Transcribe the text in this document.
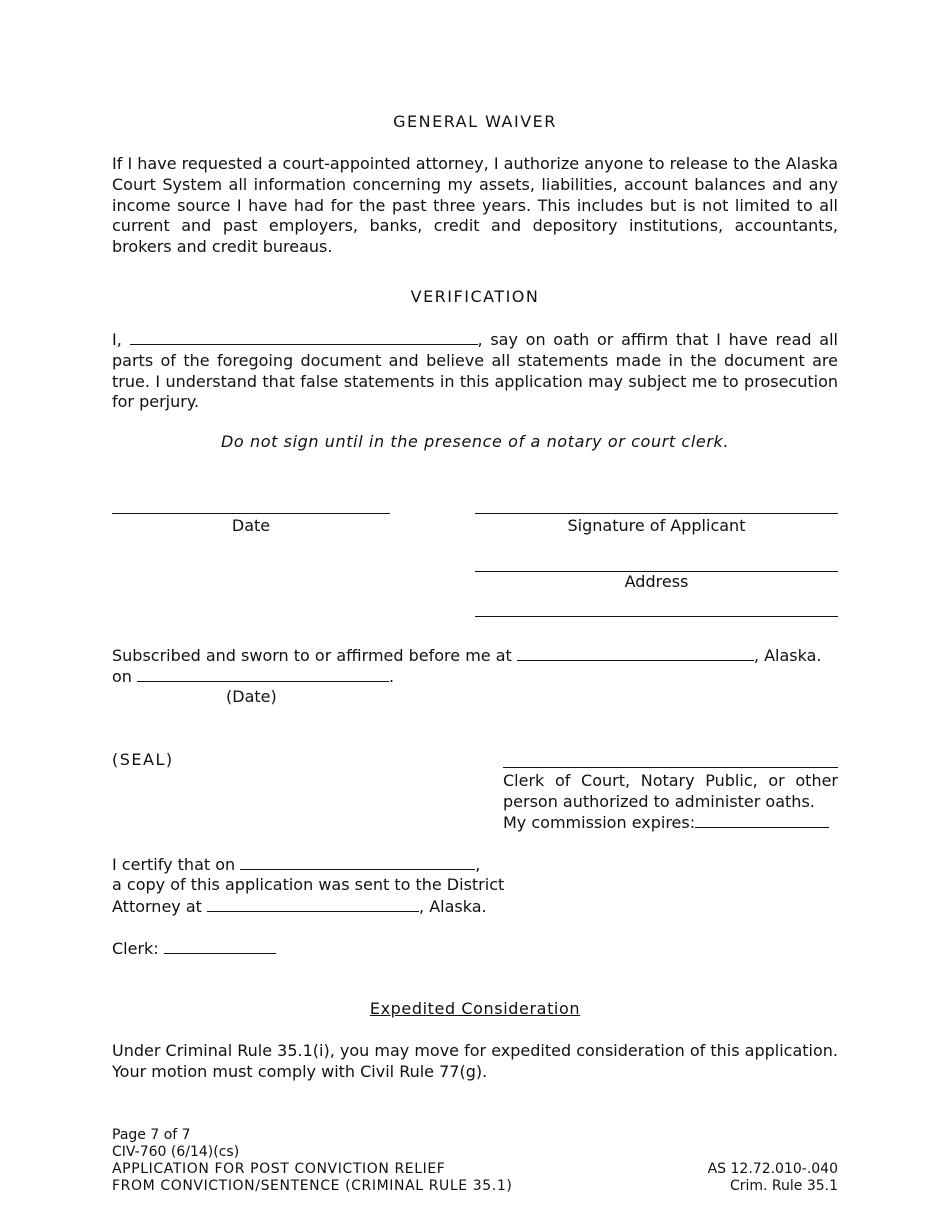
GENERAL WAIVER
If I have requested a court-appointed attorney, I authorize anyone to release to the Alaska Court System all information concerning my assets, liabilities, account balances and any income source I have had for the past three years. This includes but is not limited to all current and past employers, banks, credit and depository institutions, accountants, brokers and credit bureaus.
VERIFICATION
I,	, say on oath or affirm that I have read all parts of the foregoing document and believe all statements made in the document are true. I understand that false statements in this application may subject me to prosecution for perjury.
Do not sign until in the presence of a notary or court clerk.
Date	Signature of Applicant
Address
Subscribed and sworn to or affirmed before me at	, Alaska.
on	.
(Date)
(SEAL)
Clerk of Court, Notary Public, or other person authorized to administer oaths.
My commission expires:
I certify that on	,
a copy of this application was sent to the District
Attorney at	, Alaska.
Clerk:
Expedited Consideration
Under Criminal Rule 35.1(i), you may move for expedited consideration of this application. Your motion must comply with Civil Rule 77(g).
Page 7 of 7
CIV-760 (6/14)(cs)
APPLICATION FOR POST CONVICTION RELIEF
FROM CONVICTION/SENTENCE (CRIMINAL RULE 35.1)
AS 12.72.010-.040
Crim. Rule 35.1
